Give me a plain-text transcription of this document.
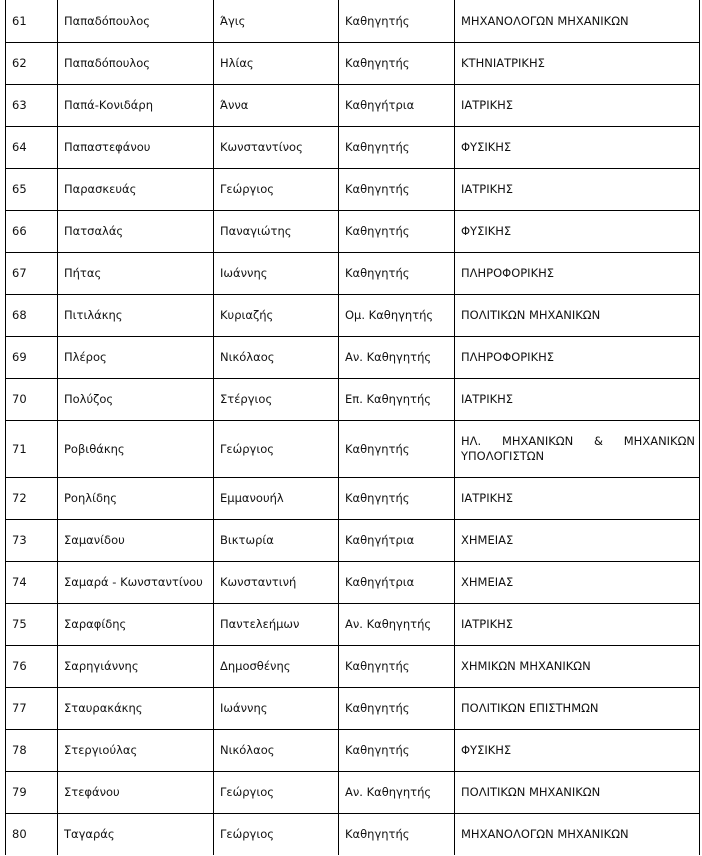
61	Παπαδόπουλος	Άγις	Καθηγητής	ΜΗΧΑΝΟΛΟΓΩΝ ΜΗΧΑΝΙΚΩΝ
62	Παπαδόπουλος	Ηλίας	Καθηγητής	ΚΤΗΝΙΑΤΡΙΚΗΣ
63	Παπά-Κονιδάρη	Άννα	Καθηγήτρια	ΙΑΤΡΙΚΗΣ
64	Παπαστεφάνου	Κωνσταντίνος	Καθηγητής	ΦΥΣΙΚΗΣ
65	Παρασκευάς	Γεώργιος	Καθηγητής	ΙΑΤΡΙΚΗΣ
66	Πατσαλάς	Παναγιώτης	Καθηγητής	ΦΥΣΙΚΗΣ
67	Πήτας	Ιωάννης	Καθηγητής	ΠΛΗΡΟΦΟΡΙΚΗΣ
68	Πιτιλάκης	Κυριαζής	Ομ. Καθηγητής	ΠΟΛΙΤΙΚΩΝ ΜΗΧΑΝΙΚΩΝ
69	Πλέρος	Νικόλαος	Αν. Καθηγητής	ΠΛΗΡΟΦΟΡΙΚΗΣ
70	Πολύζος	Στέργιος	Επ. Καθηγητής	ΙΑΤΡΙΚΗΣ
71	Ροβιθάκης	Γεώργιος	Καθηγητής	ΗΛ. ΜΗΧΑΝΙΚΩΝ & ΜΗΧΑΝΙΚΩΝ ΥΠΟΛΟΓΙΣΤΩΝ
72	Ροηλίδης	Εμμανουήλ	Καθηγητής	ΙΑΤΡΙΚΗΣ
73	Σαμανίδου	Βικτωρία	Καθηγήτρια	ΧΗΜΕΙΑΣ
74	Σαμαρά - Κωνσταντίνου	Κωνσταντινή	Καθηγήτρια	ΧΗΜΕΙΑΣ
75	Σαραφίδης	Παντελεήμων	Αν. Καθηγητής	ΙΑΤΡΙΚΗΣ
76	Σαρηγιάννης	Δημοσθένης	Καθηγητής	ΧΗΜΙΚΩΝ ΜΗΧΑΝΙΚΩΝ
77	Σταυρακάκης	Ιωάννης	Καθηγητής	ΠΟΛΙΤΙΚΩΝ ΕΠΙΣΤΗΜΩΝ
78	Στεργιούλας	Νικόλαος	Καθηγητής	ΦΥΣΙΚΗΣ
79	Στεφάνου	Γεώργιος	Αν. Καθηγητής	ΠΟΛΙΤΙΚΩΝ ΜΗΧΑΝΙΚΩΝ
80	Ταγαράς	Γεώργιος	Καθηγητής	ΜΗΧΑΝΟΛΟΓΩΝ ΜΗΧΑΝΙΚΩΝ
